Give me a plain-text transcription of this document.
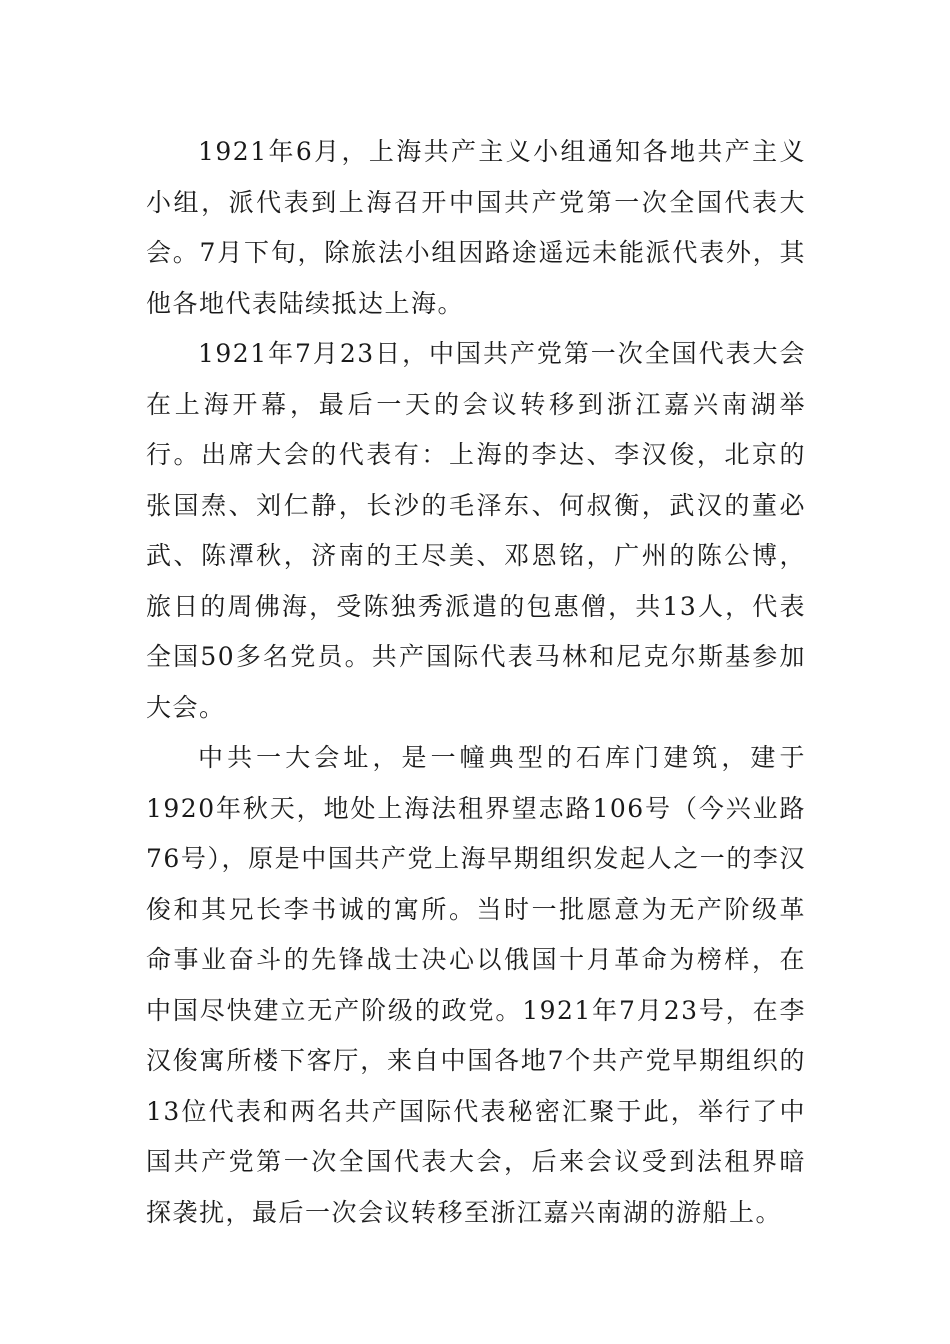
1921年6月，上海共产主义小组通知各地共产主义小组，派代表到上海召开中国共产党第一次全国代表大会。7月下旬，除旅法小组因路途遥远未能派代表外，其他各地代表陆续抵达上海。

1921年7月23日，中国共产党第一次全国代表大会在上海开幕，最后一天的会议转移到浙江嘉兴南湖举行。出席大会的代表有：上海的李达、李汉俊，北京的张国焘、刘仁静，长沙的毛泽东、何叔衡，武汉的董必武、陈潭秋，济南的王尽美、邓恩铭，广州的陈公博，旅日的周佛海，受陈独秀派遣的包惠僧，共13人，代表全国50多名党员。共产国际代表马林和尼克尔斯基参加大会。

中共一大会址，是一幢典型的石库门建筑，建于1920年秋天，地处上海法租界望志路106号（今兴业路76号），原是中国共产党上海早期组织发起人之一的李汉俊和其兄长李书诚的寓所。当时一批愿意为无产阶级革命事业奋斗的先锋战士决心以俄国十月革命为榜样，在中国尽快建立无产阶级的政党。1921年7月23号，在李汉俊寓所楼下客厅，来自中国各地7个共产党早期组织的13位代表和两名共产国际代表秘密汇聚于此，举行了中国共产党第一次全国代表大会，后来会议受到法租界暗探袭扰，最后一次会议转移至浙江嘉兴南湖的游船上。
